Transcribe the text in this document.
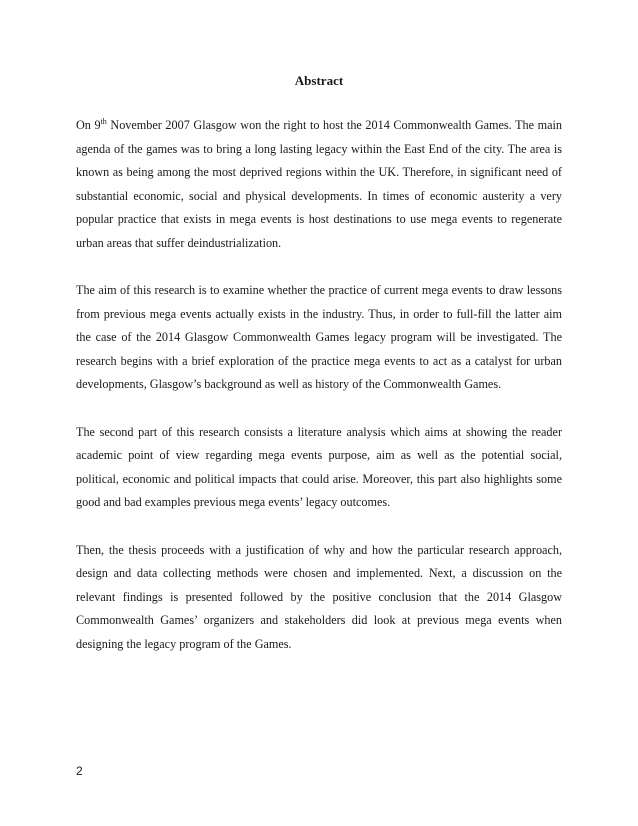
Abstract

On 9th November 2007 Glasgow won the right to host the 2014 Commonwealth Games. The main agenda of the games was to bring a long lasting legacy within the East End of the city. The area is known as being among the most deprived regions within the UK. Therefore, in significant need of substantial economic, social and physical developments. In times of economic austerity a very popular practice that exists in mega events is host destinations to use mega events to regenerate urban areas that suffer deindustrialization.

The aim of this research is to examine whether the practice of current mega events to draw lessons from previous mega events actually exists in the industry. Thus, in order to full-fill the latter aim the case of the 2014 Glasgow Commonwealth Games legacy program will be investigated. The research begins with a brief exploration of the practice mega events to act as a catalyst for urban developments, Glasgow’s background as well as history of the Commonwealth Games.

The second part of this research consists a literature analysis which aims at showing the reader academic point of view regarding mega events purpose, aim as well as the potential social, political, economic and political impacts that could arise. Moreover, this part also highlights some good and bad examples previous mega events’ legacy outcomes.

Then, the thesis proceeds with a justification of why and how the particular research approach, design and data collecting methods were chosen and implemented. Next, a discussion on the relevant findings is presented followed by the positive conclusion that the 2014 Glasgow Commonwealth Games’ organizers and stakeholders did look at previous mega events when designing the legacy program of the Games.

2
